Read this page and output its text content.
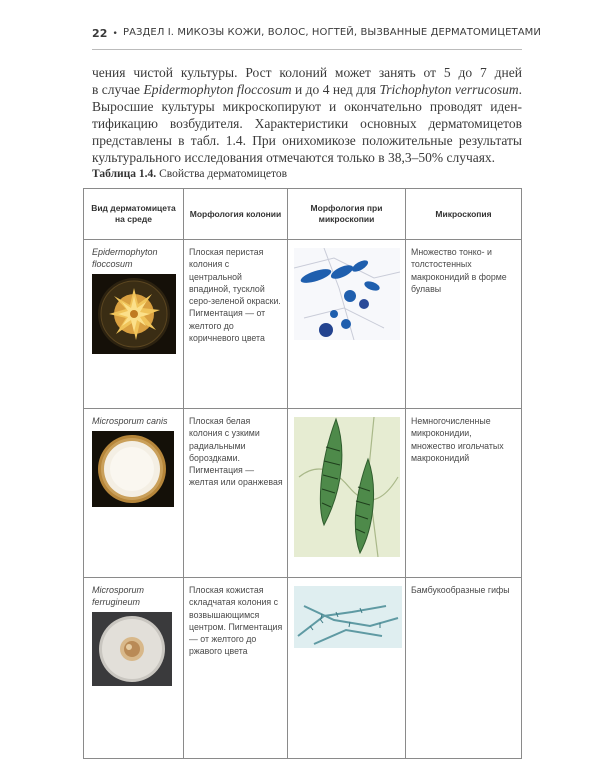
22 • РАЗДЕЛ I. МИКОЗЫ КОЖИ, ВОЛОС, НОГТЕЙ, ВЫЗВАННЫЕ ДЕРМАТОМИЦЕТАМИ

чения чистой культуры. Рост колоний может занять от 5 до 7 дней
в случае Epidermophyton floccosum и до 4 нед для Trichophyton verrucosum.
Выросшие культуры микроскопируют и окончательно проводят иден-
тификацию возбудителя. Характеристики основных дерматомицетов
представлены в табл. 1.4. При онихомикозе положительные результаты
культурального исследования отмечаются только в 38,3–50% случаях.

Таблица 1.4. Свойства дерматомицетов
Вид дерматомицета на среде	Морфология колонии	Морфология при микроскопии	Микроскопия

Epidermophyton floccosum	Плоская перистая колония с центральной впадиной, тусклой серо-зеленой окраски. Пигментация — от желтого до коричневого цвета		Множество тонко- и толстостенных макроконидий в форме булавы

Microsporum canis	Плоская белая колония с узкими радиальными бороздками. Пигментация — желтая или оранжевая		Немногочисленные микроконидии, множество игольчатых макроконидий

Microsporum ferrugineum	Плоская кожистая складчатая колония с возвышающимся центром. Пигментация — от желтого до ржавого цвета		Бамбукообразные гифы
